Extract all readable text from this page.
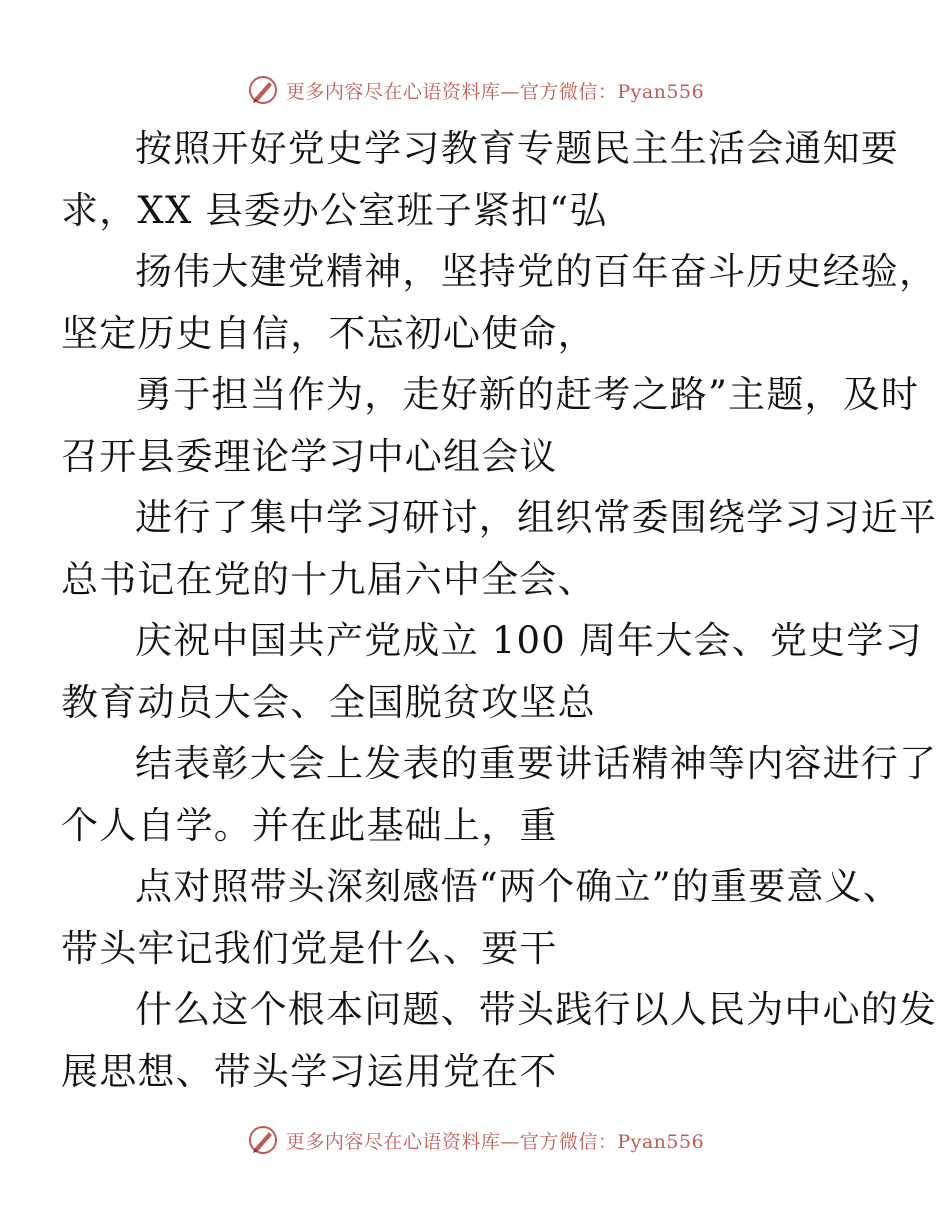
更多内容尽在心语资料库—官方微信：Pyan556

按照开好党史学习教育专题民主生活会通知要
求，XX 县委办公室班子紧扣“弘

扬伟大建党精神，坚持党的百年奋斗历史经验，
坚定历史自信，不忘初心使命，

勇于担当作为，走好新的赶考之路”主题，及时
召开县委理论学习中心组会议

进行了集中学习研讨，组织常委围绕学习习近平
总书记在党的十九届六中全会、

庆祝中国共产党成立 100 周年大会、党史学习
教育动员大会、全国脱贫攻坚总

结表彰大会上发表的重要讲话精神等内容进行了
个人自学。并在此基础上，重

点对照带头深刻感悟“两个确立”的重要意义、
带头牢记我们党是什么、要干

什么这个根本问题、带头践行以人民为中心的发
展思想、带头学习运用党在不

更多内容尽在心语资料库—官方微信：Pyan556
